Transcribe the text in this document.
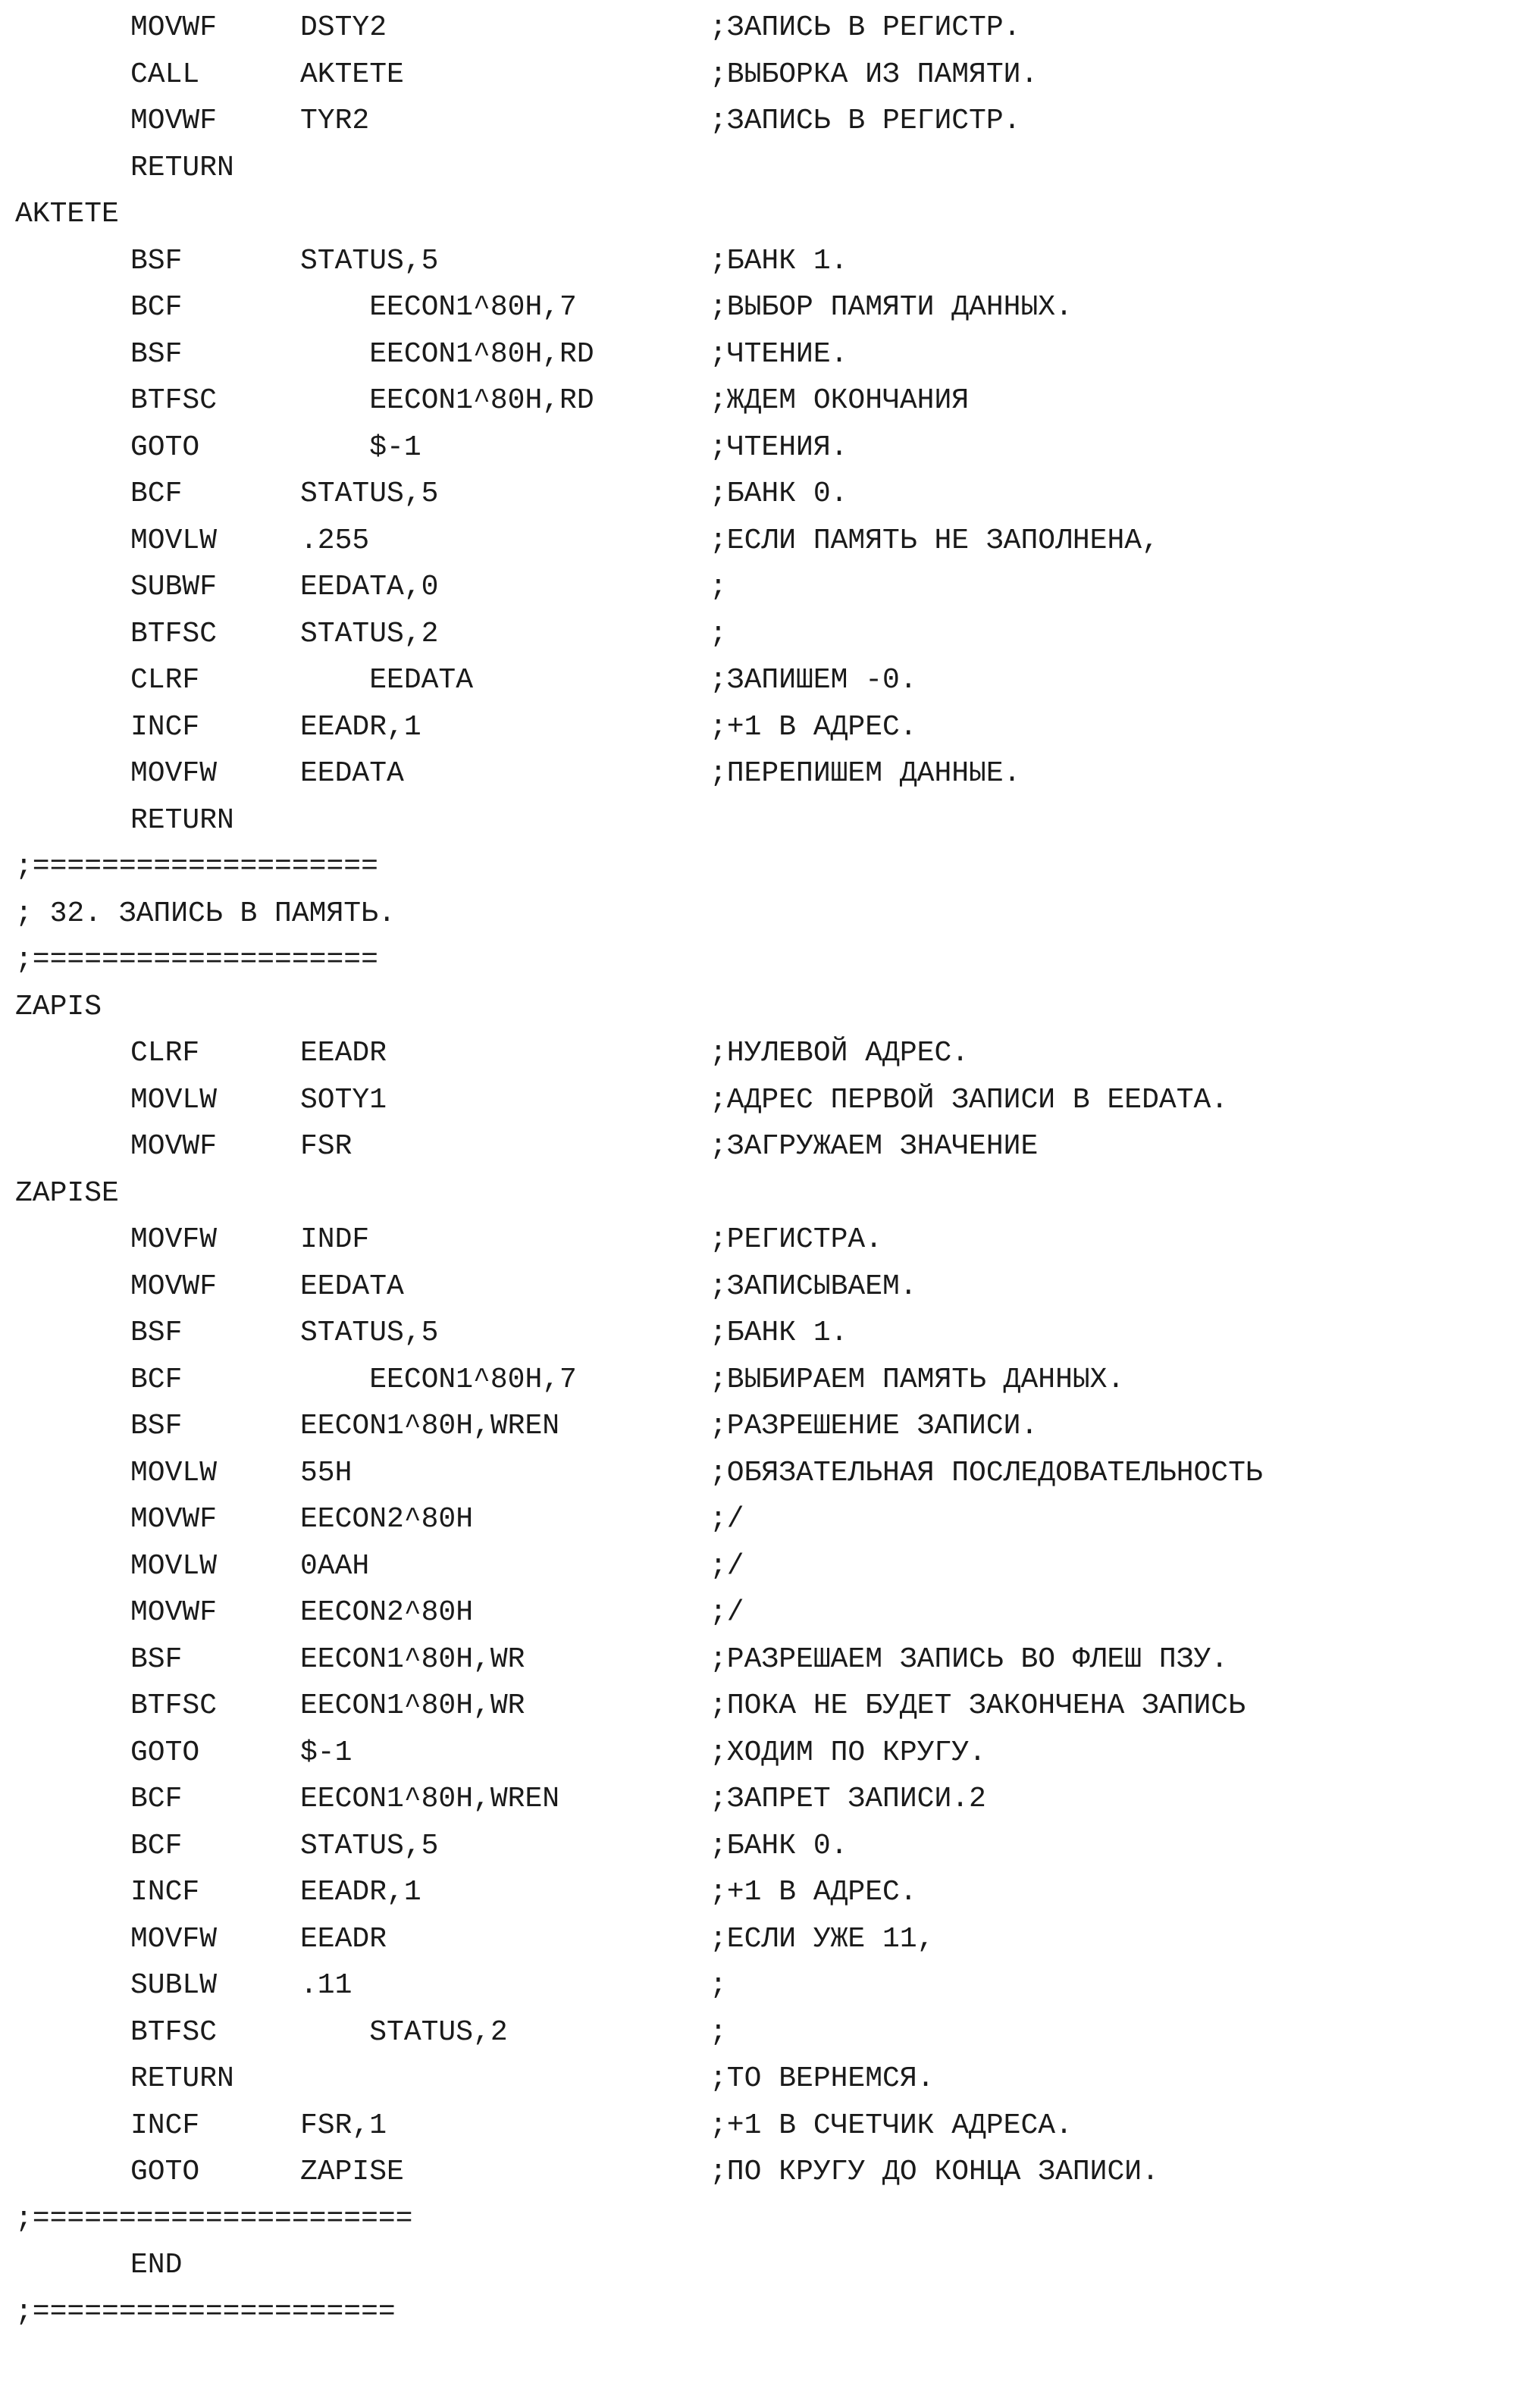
MOVWF	DSTY2	;ЗАПИСЬ В РЕГИСТР.
CALL	AKTETE	;ВЫБОРКА ИЗ ПАМЯТИ.
MOVWF	TYR2	;ЗАПИСЬ В РЕГИСТР.
RETURN
AKTETE
BSF	STATUS,5	;БАНК 1.
BCF	EECON1^80H,7	;ВЫБОР ПАМЯТИ ДАННЫХ.
BSF	EECON1^80H,RD	;ЧТЕНИЕ.
BTFSC	EECON1^80H,RD	;ЖДЕМ ОКОНЧАНИЯ
GOTO	$-1	;ЧТЕНИЯ.
BCF	STATUS,5	;БАНК 0.
MOVLW	.255	;ЕСЛИ ПАМЯТЬ НЕ ЗАПОЛНЕНА,
SUBWF	EEDATA,0	;
BTFSC	STATUS,2	;
CLRF	EEDATA	;ЗАПИШЕМ -0.
INCF	EEADR,1	;+1 В АДРЕС.
MOVFW	EEDATA	;ПЕРЕПИШЕМ ДАННЫЕ.
RETURN
;====================
; 32. ЗАПИСЬ В ПАМЯТЬ.
;====================
ZAPIS
CLRF	EEADR	;НУЛЕВОЙ АДРЕС.
MOVLW	SOTY1	;АДРЕС ПЕРВОЙ ЗАПИСИ В EEDATA.
MOVWF	FSR	;ЗАГРУЖАЕМ ЗНАЧЕНИЕ
ZAPISE
MOVFW	INDF	;РЕГИСТРА.
MOVWF	EEDATA	;ЗАПИСЫВАЕМ.
BSF	STATUS,5	;БАНК 1.
BCF	EECON1^80H,7	;ВЫБИРАЕМ ПАМЯТЬ ДАННЫХ.
BSF	EECON1^80H,WREN	;РАЗРЕШЕНИЕ ЗАПИСИ.
MOVLW	55H	;ОБЯЗАТЕЛЬНАЯ ПОСЛЕДОВАТЕЛЬНОСТЬ
MOVWF	EECON2^80H	;/
MOVLW	0AAH	;/
MOVWF	EECON2^80H	;/
BSF	EECON1^80H,WR	;РАЗРЕШАЕМ ЗАПИСЬ ВО ФЛЕШ ПЗУ.
BTFSC	EECON1^80H,WR	;ПОКА НЕ БУДЕТ ЗАКОНЧЕНА ЗАПИСЬ
GOTO	$-1	;ХОДИМ ПО КРУГУ.
BCF	EECON1^80H,WREN	;ЗАПРЕТ ЗАПИСИ.2
BCF	STATUS,5	;БАНК 0.
INCF	EEADR,1	;+1 В АДРЕС.
MOVFW	EEADR	;ЕСЛИ УЖЕ 11,
SUBLW	.11	;
BTFSC	STATUS,2	;
RETURN	;ТО ВЕРНЕМСЯ.
INCF	FSR,1	;+1 В СЧЕТЧИК АДРЕСА.
GOTO	ZAPISE	;ПО КРУГУ ДО КОНЦА ЗАПИСИ.
;======================
END
;=====================
